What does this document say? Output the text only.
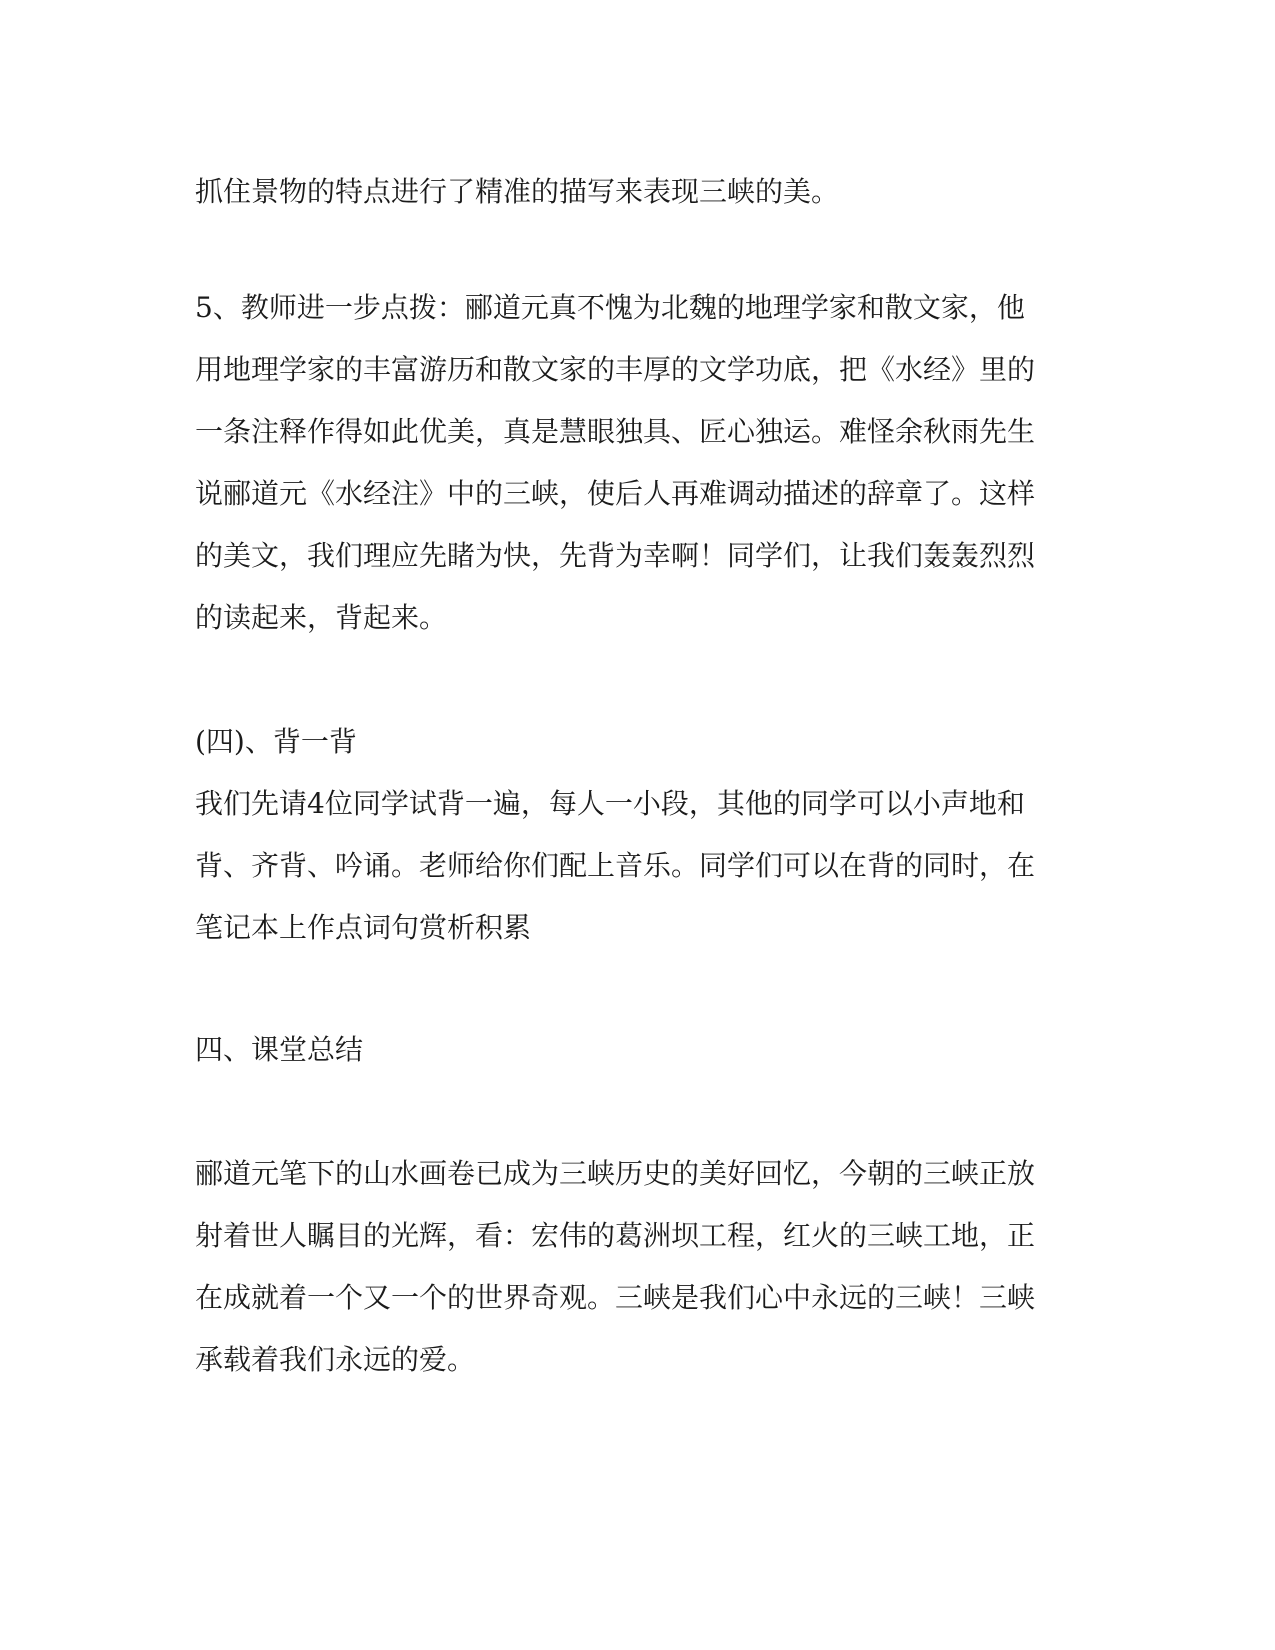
抓住景物的特点进行了精准的描写来表现三峡的美。
5、教师进一步点拨：郦道元真不愧为北魏的地理学家和散文家，他
用地理学家的丰富游历和散文家的丰厚的文学功底，把《水经》里的
一条注释作得如此优美，真是慧眼独具、匠心独运。难怪余秋雨先生
说郦道元《水经注》中的三峡，使后人再难调动描述的辞章了。这样
的美文，我们理应先睹为快，先背为幸啊！同学们，让我们轰轰烈烈
的读起来，背起来。
(四)、背一背
我们先请4位同学试背一遍，每人一小段，其他的同学可以小声地和
背、齐背、吟诵。老师给你们配上音乐。同学们可以在背的同时，在
笔记本上作点词句赏析积累
四、课堂总结
郦道元笔下的山水画卷已成为三峡历史的美好回忆，今朝的三峡正放
射着世人瞩目的光辉，看：宏伟的葛洲坝工程，红火的三峡工地，正
在成就着一个又一个的世界奇观。三峡是我们心中永远的三峡！三峡
承载着我们永远的爱。
